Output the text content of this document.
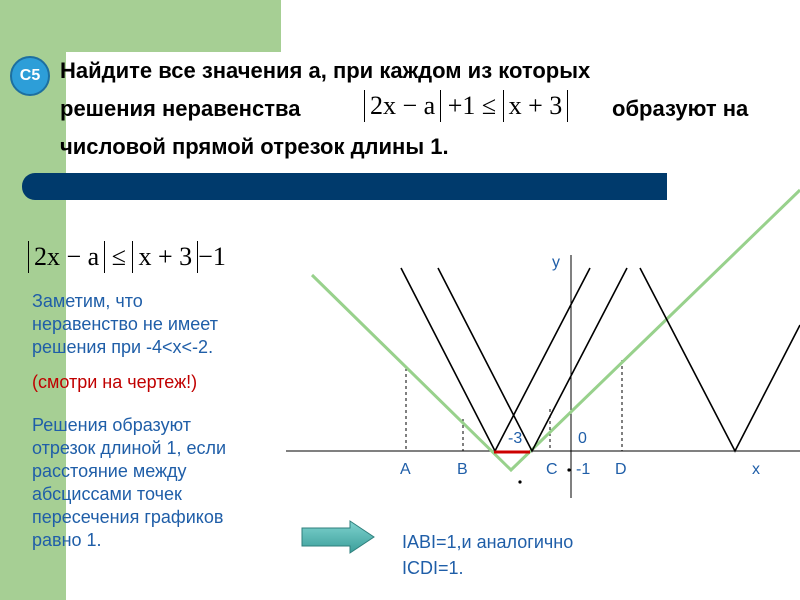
С5 Найдите все значения а, при каждом из которых
решения неравенства	2x − a +1 ≤ x + 3 образуют на
числовой прямой отрезок длины 1.
2x − a ≤ x + 3 −1
Заметим, что
неравенство не имеет
решения при -4<x<-2.
(смотри на чертеж!)
Решения образуют
отрезок длиной 1, если
расстояние между
абсциссами точек
пересечения графиков
равно 1.	IABI=1,и аналогично
ICDI=1.
y
x
A	B	C	D
-3	0
-1
